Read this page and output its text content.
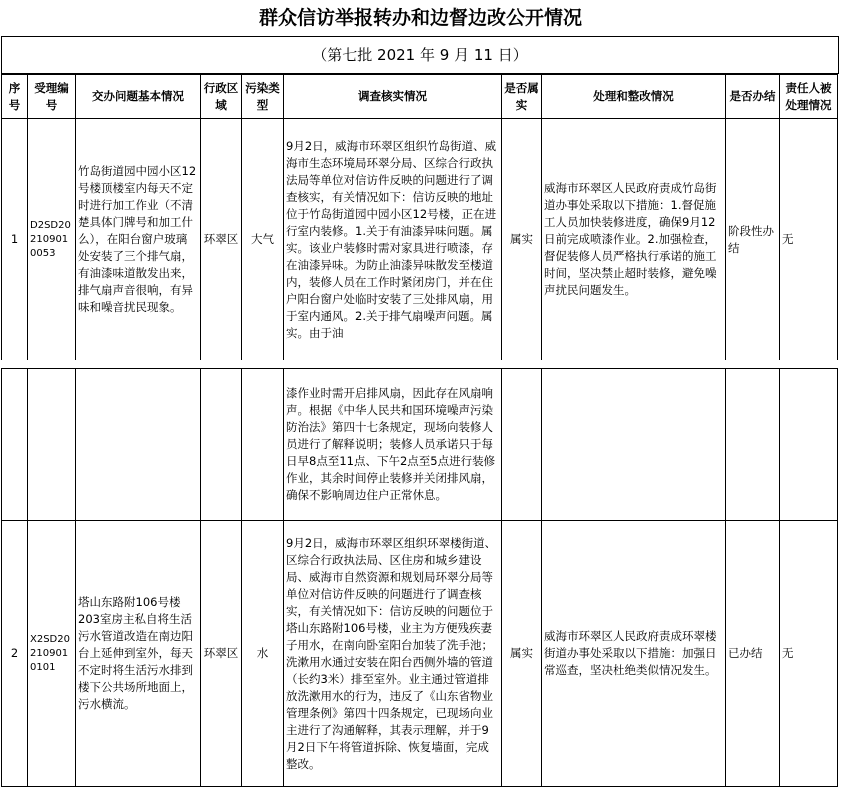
群众信访举报转办和边督边改公开情况
（第七批 2021 年 9 月 11 日）
序号	受理编号	交办问题基本情况	行政区域	污染类型	调查核实情况	是否属实	处理和整改情况	是否办结	责任人被处理情况
1	D2SD202109010053	竹岛街道园中园小区12号楼顶楼室内每天不定时进行加工作业（不清楚具体门牌号和加工什么），在阳台窗户玻璃处安装了三个排气扇，有油漆味道散发出来，排气扇声音很响，有异味和噪音扰民现象。	环翠区	大气	9月2日，威海市环翠区组织竹岛街道、威海市生态环境局环翠分局、区综合行政执法局等单位对信访件反映的问题进行了调查核实，有关情况如下：信访反映的地址位于竹岛街道园中园小区12号楼，正在进行室内装修。1.关于有油漆异味问题。属实。该业户装修时需对家具进行喷漆，存在油漆异味。为防止油漆异味散发至楼道内，装修人员在工作时紧闭房门，并在住户阳台窗户处临时安装了三处排风扇，用于室内通风。2.关于排气扇噪声问题。属实。由于油	属实	威海市环翠区人民政府责成竹岛街道办事处采取以下措施：1.督促施工人员加快装修进度，确保9月12日前完成喷漆作业。2.加强检查，督促装修人员严格执行承诺的施工时间，坚决禁止超时装修，避免噪声扰民问题发生。	阶段性办结	无
					漆作业时需开启排风扇，因此存在风扇响声。根据《中华人民共和国环境噪声污染防治法》第四十七条规定，现场向装修人员进行了解释说明；装修人员承诺只于每日早8点至11点、下午2点至5点进行装修作业，其余时间停止装修并关闭排风扇，确保不影响周边住户正常休息。				
2	X2SD202109010101	塔山东路附106号楼203室房主私自将生活污水管道改造在南边阳台上延伸到室外，每天不定时将生活污水排到楼下公共场所地面上，污水横流。	环翠区	水	9月2日，威海市环翠区组织环翠楼街道、区综合行政执法局、区住房和城乡建设局、威海市自然资源和规划局环翠分局等单位对信访件反映的问题进行了调查核实，有关情况如下：信访反映的问题位于塔山东路附106号楼，业主为方便残疾妻子用水，在南向卧室阳台加装了洗手池；洗漱用水通过安装在阳台西侧外墙的管道（长约3米）排至室外。业主通过管道排放洗漱用水的行为，违反了《山东省物业管理条例》第四十四条规定，已现场向业主进行了沟通解释，其表示理解，并于9月2日下午将管道拆除、恢复墙面，完成整改。	属实	威海市环翠区人民政府责成环翠楼街道办事处采取以下措施：加强日常巡查，坚决杜绝类似情况发生。	已办结	无
